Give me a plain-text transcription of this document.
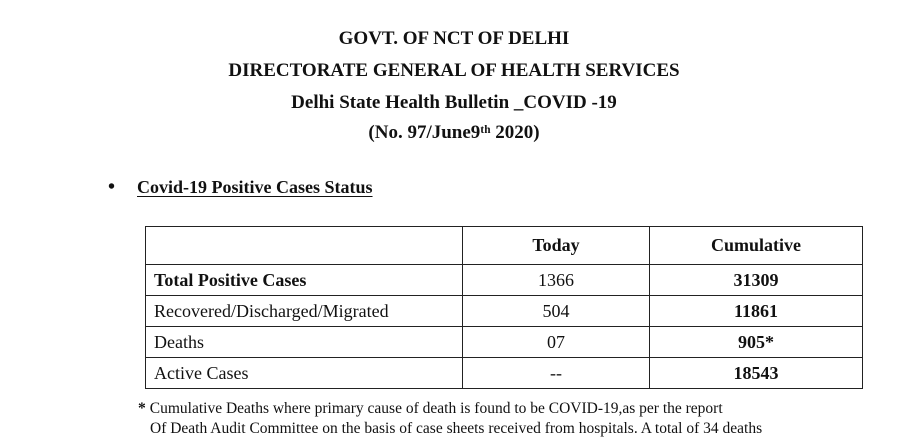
GOVT. OF NCT OF DELHI
DIRECTORATE GENERAL OF HEALTH SERVICES
Delhi State Health Bulletin _COVID -19
(No. 97/June9ᵗʰ 2020)
• Covid-19 Positive Cases Status
	Today	Cumulative
Total Positive Cases	1366	31309
Recovered/Discharged/Migrated	504	11861
Deaths	07	905*
Active Cases	--	18543
* Cumulative Deaths where primary cause of death is found to be COVID-19,as per the report
Of Death Audit Committee on the basis of case sheets received from hospitals. A total of 34 deaths
